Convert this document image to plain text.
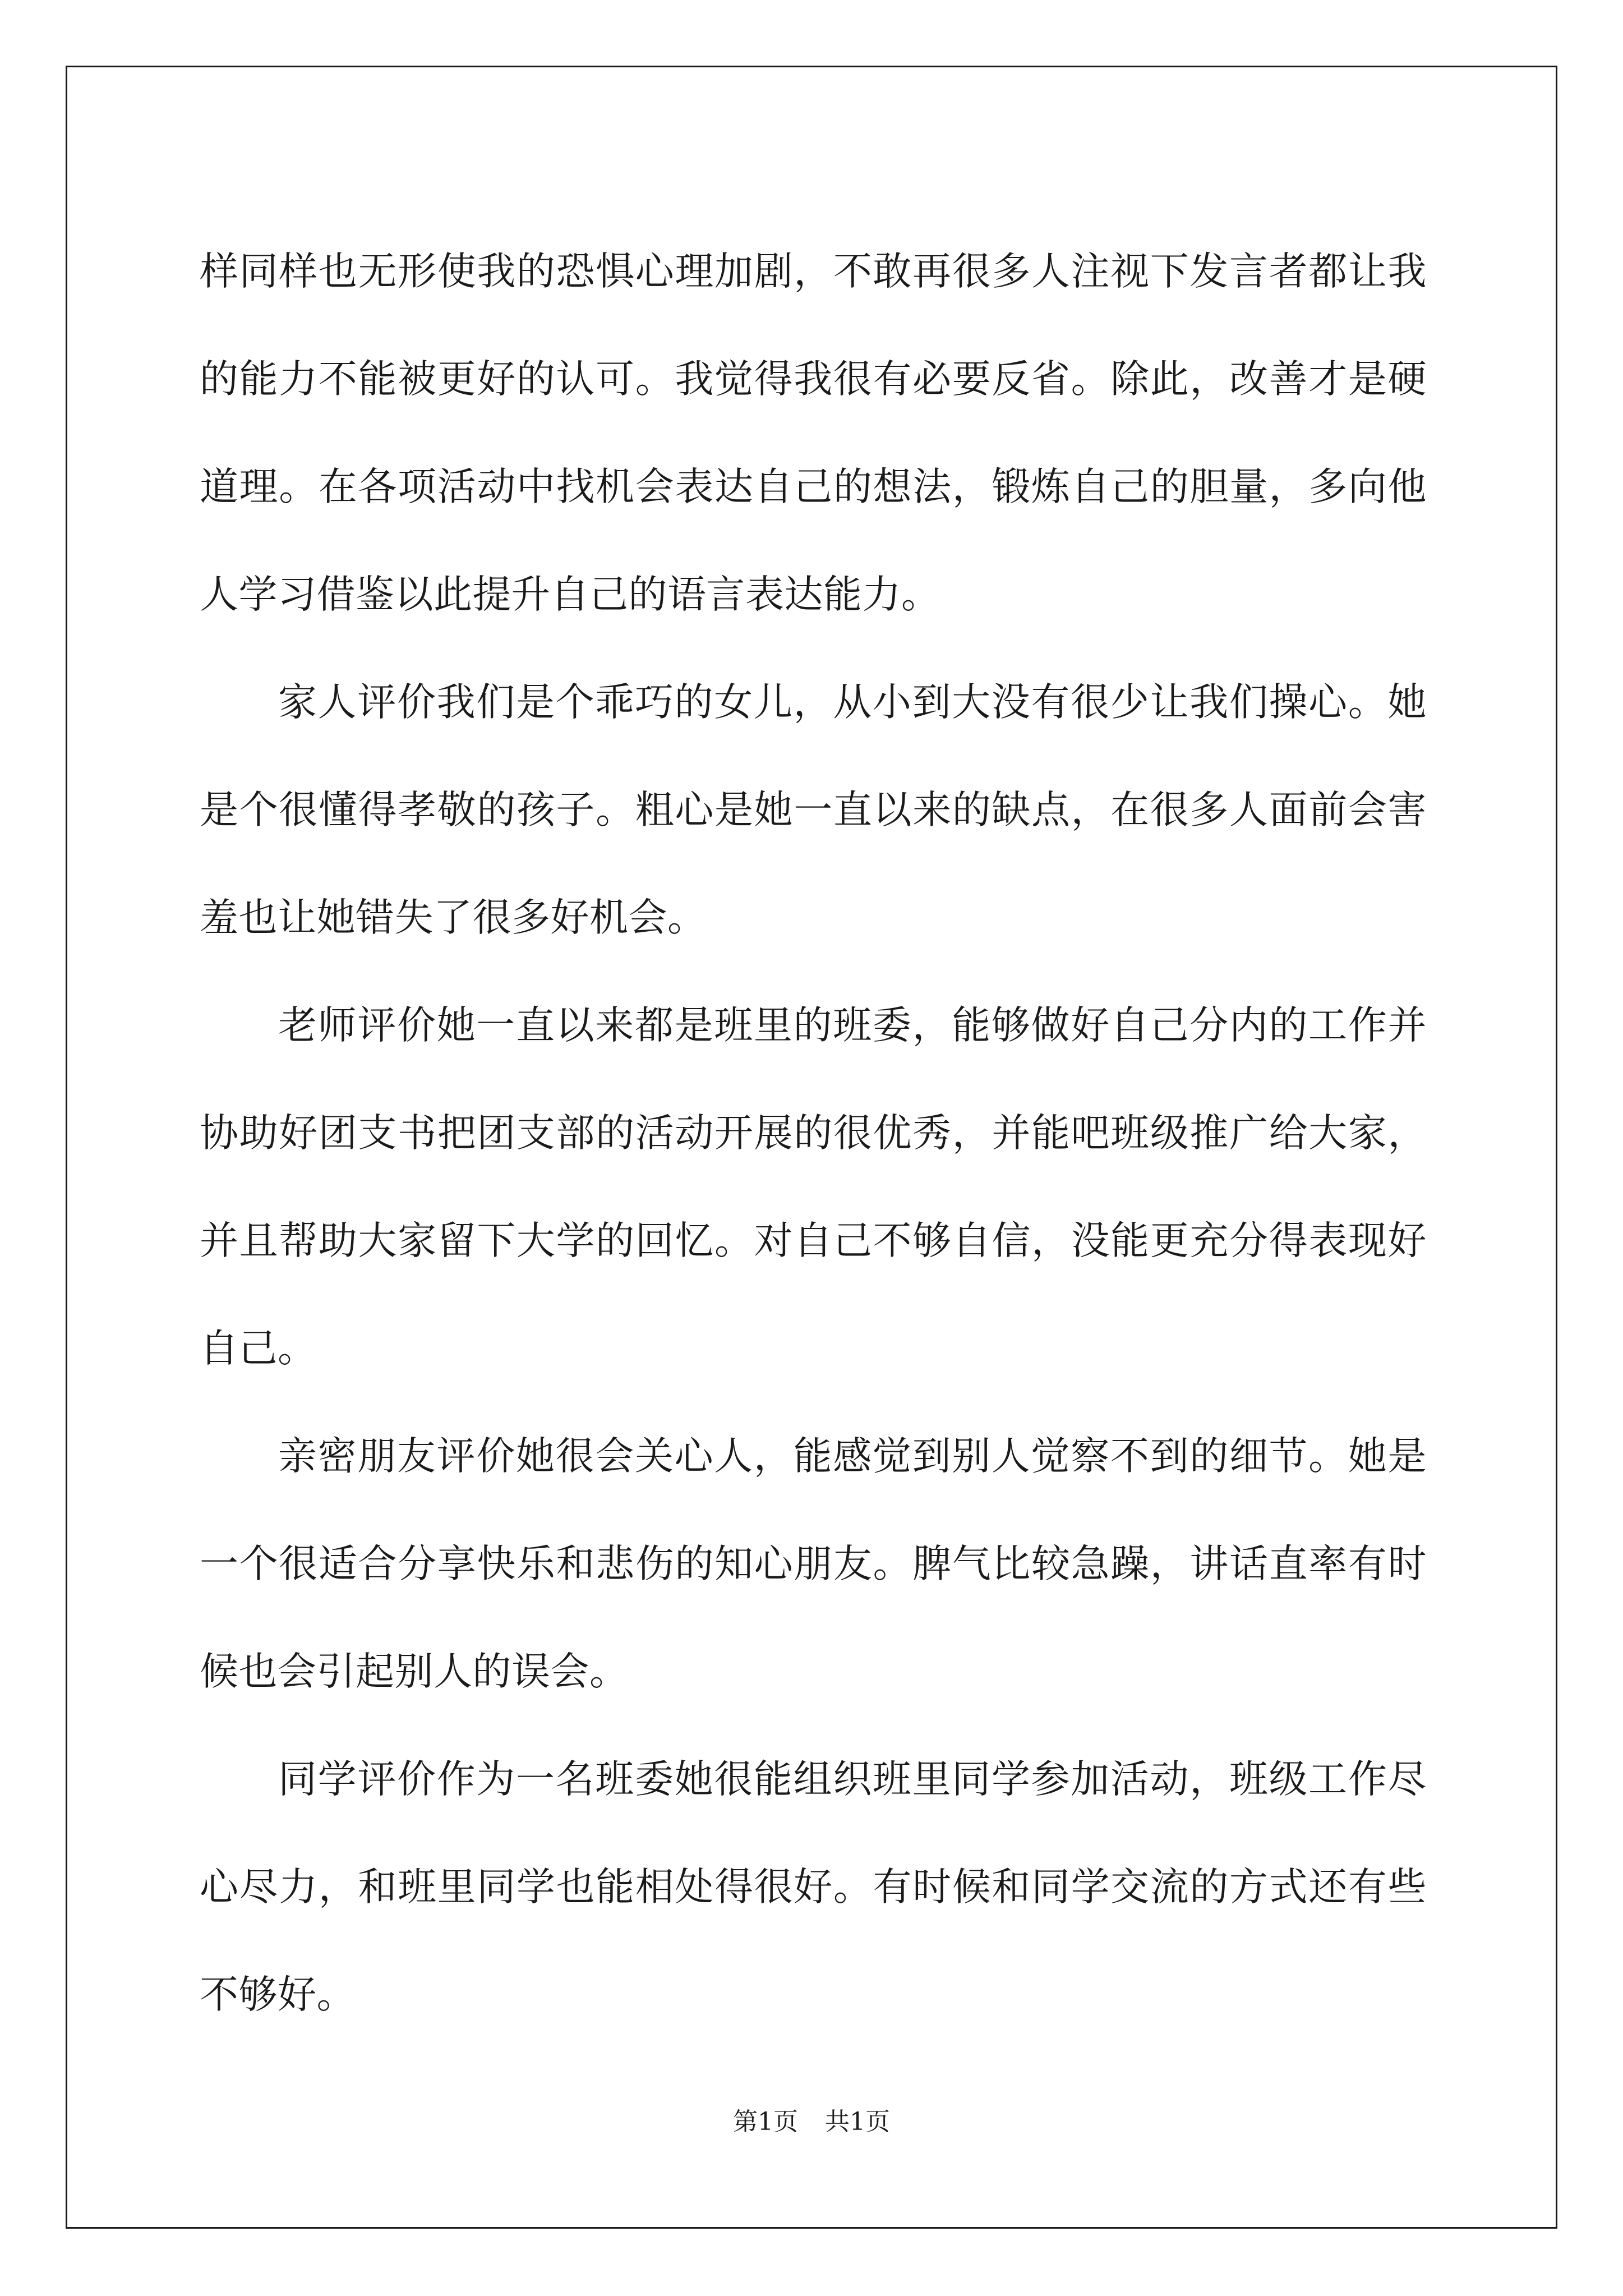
样同样也无形使我的恐惧心理加剧，不敢再很多人注视下发言者都让我的能力不能被更好的认可。我觉得我很有必要反省。除此，改善才是硬道理。在各项活动中找机会表达自己的想法，锻炼自己的胆量，多向他人学习借鉴以此提升自己的语言表达能力。

家人评价我们是个乖巧的女儿，从小到大没有很少让我们操心。她是个很懂得孝敬的孩子。粗心是她一直以来的缺点，在很多人面前会害羞也让她错失了很多好机会。

老师评价她一直以来都是班里的班委，能够做好自己分内的工作并协助好团支书把团支部的活动开展的很优秀，并能吧班级推广给大家，并且帮助大家留下大学的回忆。对自己不够自信，没能更充分得表现好自己。

亲密朋友评价她很会关心人，能感觉到别人觉察不到的细节。她是一个很适合分享快乐和悲伤的知心朋友。脾气比较急躁，讲话直率有时候也会引起别人的误会。

同学评价作为一名班委她很能组织班里同学参加活动，班级工作尽心尽力，和班里同学也能相处得很好。有时候和同学交流的方式还有些不够好。

第1页 共1页
